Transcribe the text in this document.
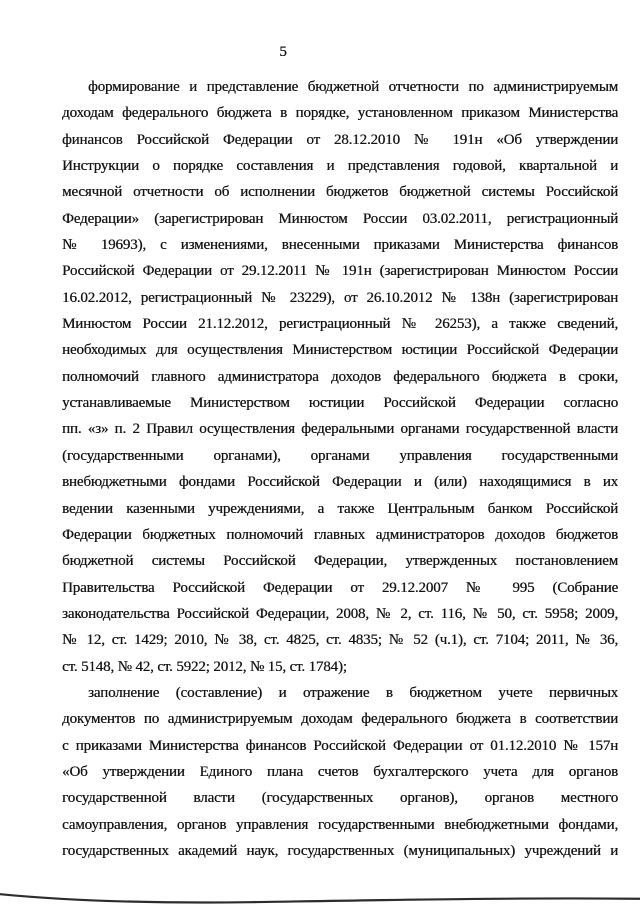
5
формирование и представление бюджетной отчетности по администрируемым
доходам федерального бюджета в порядке, установленном приказом Министерства
финансов Российской Федерации от 28.12.2010 № 191н «Об утверждении
Инструкции о порядке составления и представления годовой, квартальной и
месячной отчетности об исполнении бюджетов бюджетной системы Российской
Федерации» (зарегистрирован Минюстом России 03.02.2011, регистрационный
№ 19693), с изменениями, внесенными приказами Министерства финансов
Российской Федерации от 29.12.2011 № 191н (зарегистрирован Минюстом России
16.02.2012, регистрационный № 23229), от 26.10.2012 № 138н (зарегистрирован
Минюстом России 21.12.2012, регистрационный № 26253), а также сведений,
необходимых для осуществления Министерством юстиции Российской Федерации
полномочий главного администратора доходов федерального бюджета в сроки,
устанавливаемые Министерством юстиции Российской Федерации согласно
пп. «з» п. 2 Правил осуществления федеральными органами государственной власти
(государственными органами), органами управления государственными
внебюджетными фондами Российской Федерации и (или) находящимися в их
ведении казенными учреждениями, а также Центральным банком Российской
Федерации бюджетных полномочий главных администраторов доходов бюджетов
бюджетной системы Российской Федерации, утвержденных постановлением
Правительства Российской Федерации от 29.12.2007 № 995 (Собрание
законодательства Российской Федерации, 2008, № 2, ст. 116, № 50, ст. 5958; 2009,
№ 12, ст. 1429; 2010, № 38, ст. 4825, ст. 4835; № 52 (ч.1), ст. 7104; 2011, № 36,
ст. 5148, № 42, ст. 5922; 2012, № 15, ст. 1784);
заполнение (составление) и отражение в бюджетном учете первичных
документов по администрируемым доходам федерального бюджета в соответствии
с приказами Министерства финансов Российской Федерации от 01.12.2010 № 157н
«Об утверждении Единого плана счетов бухгалтерского учета для органов
государственной власти (государственных органов), органов местного
самоуправления, органов управления государственными внебюджетными фондами,
государственных академий наук, государственных (муниципальных) учреждений и
